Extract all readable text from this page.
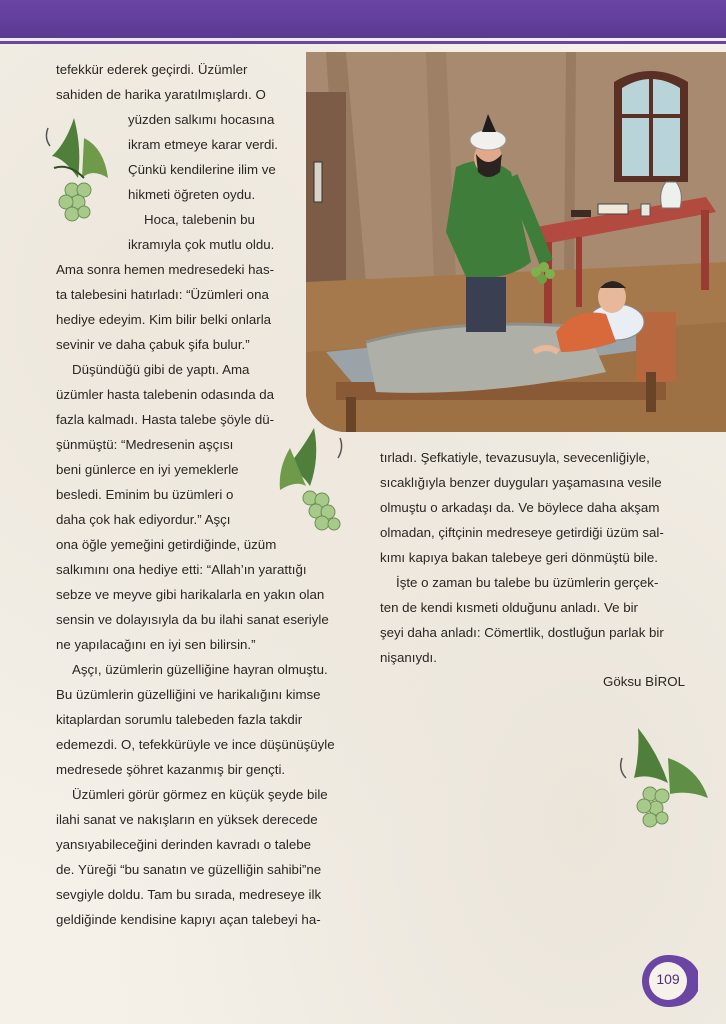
tefekkür ederek geçirdi. Üzümler
sahiden de harika yaratılmışlardı. O
yüzden salkımı hocasına
ikram etmeye karar verdi.
Çünkü kendilerine ilim ve
hikmeti öğreten oydu.
Hoca, talebenin bu
ikramıyla çok mutlu oldu.
Ama sonra hemen medresedeki has-
ta talebesini hatırladı: “Üzümleri ona
hediye edeyim. Kim bilir belki onlarla
sevinir ve daha çabuk şifa bulur.”
Düşündüğü gibi de yaptı. Ama
üzümler hasta talebenin odasında da
fazla kalmadı. Hasta talebe şöyle dü-
şünmüştü: “Medresenin aşçısı
beni günlerce en iyi yemeklerle
besledi. Eminim bu üzümleri o
daha çok hak ediyordur.” Aşçı
ona öğle yemeğini getirdiğinde, üzüm
salkımını ona hediye etti: “Allah’ın yarattığı
sebze ve meyve gibi harikalarla en yakın olan
sensin ve dolayısıyla da bu ilahi sanat eseriyle
ne yapılacağını en iyi sen bilirsin.”
Aşçı, üzümlerin güzelliğine hayran olmuştu.
Bu üzümlerin güzelliğini ve harikalığını kimse
kitaplardan sorumlu talebeden fazla takdir
edemezdi. O, tefekkürüyle ve ince düşünüşüyle
medresede şöhret kazanmış bir gençti.
Üzümleri görür görmez en küçük şeyde bile
ilahi sanat ve nakışların en yüksek derecede
yansıyabileceğini derinden kavradı o talebe
de. Yüreği “bu sanatın ve güzelliğin sahibi”ne
sevgiyle doldu. Tam bu sırada, medreseye ilk
geldiğinde kendisine kapıyı açan talebeyi ha-
tırladı. Şefkatiyle, tevazusuyla, sevecenliğiyle,
sıcaklığıyla benzer duyguları yaşamasına vesile
olmuştu o arkadaşı da. Ve böylece daha akşam
olmadan, çiftçinin medreseye getirdiği üzüm sal-
kımı kapıya bakan talebeye geri dönmüştü bile.
İşte o zaman bu talebe bu üzümlerin gerçek-
ten de kendi kısmeti olduğunu anladı. Ve bir
şeyi daha anladı: Cömertlik, dostluğun parlak bir
nişanıydı.
Göksu BİROL
109
